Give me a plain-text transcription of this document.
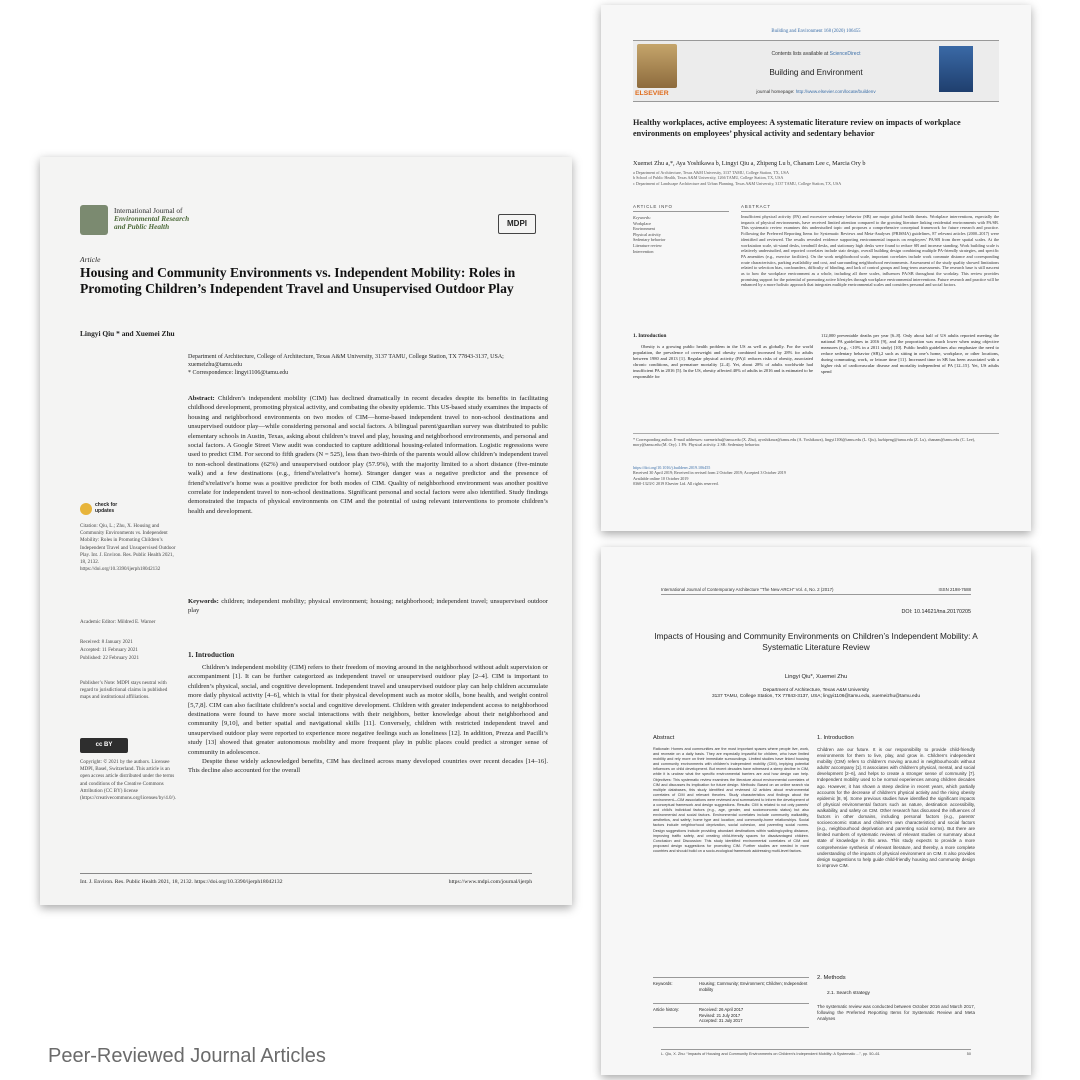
International Journal of
Environmental Research
and Public Health	MDPI
Article
Housing and Community Environments vs. Independent Mobility: Roles in Promoting Children’s Independent Travel and Unsupervised Outdoor Play
Lingyi Qiu * and Xuemei Zhu
Department of Architecture, College of Architecture, Texas A&M University, 3137 TAMU, College Station, TX 77843-3137, USA; xuemeizhu@tamu.edu
* Correspondence: lingyi1106@tamu.edu
Abstract: Children’s independent mobility (CIM) has declined dramatically in recent decades despite its benefits in facilitating childhood development, promoting physical activity, and combating the obesity epidemic. This US-based study examines the impacts of housing and neighborhood environments on two modes of CIM—home-based independent travel to non-school destinations and unsupervised outdoor play—while considering personal and social factors. A bilingual parent/guardian survey was distributed to public elementary schools in Austin, Texas, asking about children’s travel and play, housing and neighborhood environments, and personal and social factors. A Google Street View audit was conducted to capture additional housing-related information. Logistic regressions were used to predict CIM. For second to fifth graders (N = 525), less than two-thirds of the parents would allow children’s independent travel to non-school destinations (62%) and unsupervised outdoor play (57.9%), with the majority limited to a short distance (five-minute walk) and a few destinations (e.g., friend’s/relative’s home). Stranger danger was a negative predictor and the presence of friend’s/relative’s home was a positive predictor for both modes of CIM. Quality of neighborhood environment was another positive correlate for independent travel to non-school destinations. Significant personal and social factors were also identified. Study findings demonstrated the impacts of physical environments on CIM and the potential of using relevant interventions to promote children’s health and development.
Keywords: children; independent mobility; physical environment; housing; neighborhood; independent travel; unsupervised outdoor play
1. Introduction
Children’s independent mobility (CIM) refers to their freedom of moving around in the neighborhood without adult supervision or accompaniment [1]. It can be further categorized as independent travel or unsupervised outdoor play [2–4]. CIM is important to children’s physical, social, and cognitive development. Independent travel and unsupervised outdoor play can help children accumulate more daily physical activity [4–6], which is vital for their physical development such as motor skills, bone health, and weight control [5,7,8]. CIM can also facilitate children’s social and cognitive development. Children with greater independent access to neighborhood destinations were found to have more social interactions with their neighbors, better knowledge about their neighborhood and community [9,10], and better spatial and navigational skills [11]. Conversely, children with restricted independent travel and unsupervised outdoor play were reported to experience more negative feelings such as loneliness [12]. In addition, Prezza and Pacilli’s study [13] showed that greater autonomous mobility and more frequent play in public places could predict a stronger sense of community in adolescence.
Despite these widely acknowledged benefits, CIM has declined across many developed countries over recent decades [14–16]. This decline also accounted for the overall
check for updates
Citation: Qiu, L.; Zhu, X. Housing and Community Environments vs. Independent Mobility: Roles in Promoting Children’s Independent Travel and Unsupervised Outdoor Play. Int. J. Environ. Res. Public Health 2021, 18, 2132. https://doi.org/10.3390/ijerph18042132
Academic Editor: Mildred E. Warner
Received: 8 January 2021
Accepted: 11 February 2021
Published: 22 February 2021
Publisher’s Note: MDPI stays neutral with regard to jurisdictional claims in published maps and institutional affiliations.
cc BY
Copyright: © 2021 by the authors. Licensee MDPI, Basel, Switzerland. This article is an open access article distributed under the terms and conditions of the Creative Commons Attribution (CC BY) license (https://creativecommons.org/licenses/by/4.0/).
Int. J. Environ. Res. Public Health 2021, 18, 2132. https://doi.org/10.3390/ijerph18042132	https://www.mdpi.com/journal/ijerph
Building and Environment 168 (2020) 106455
ELSEVIER
Contents lists available at ScienceDirect
Building and Environment
journal homepage: http://www.elsevier.com/locate/buildenv
Healthy workplaces, active employees: A systematic literature review on impacts of workplace environments on employees’ physical activity and sedentary behavior
Xuemei Zhu a,*, Aya Yoshikawa b, Lingyi Qiu a, Zhipeng Lu b, Chanam Lee c, Marcia Ory b
a Department of Architecture, Texas A&M University, 3137 TAMU, College Station, TX, USA
b School of Public Health, Texas A&M University, 1266 TAMU, College Station, TX, USA
c Department of Landscape Architecture and Urban Planning, Texas A&M University, 3137 TAMU, College Station, TX, USA
ARTICLE INFO	ABSTRACT
Keywords:
Workplace
Environment
Physical activity
Sedentary behavior
Literature review
Intervention
Insufficient physical activity (PA) and excessive sedentary behavior (SB) are major global health threats. Workplace interventions, especially the impacts of physical environments, have received limited attention compared to the growing literature linking residential environments with PA/SB. This systematic review examines this understudied topic and proposes a comprehensive conceptual framework for future research and practice. Following the Preferred Reporting Items for Systematic Reviews and Meta-Analyses (PRISMA) guidelines, 87 relevant articles (2000–2017) were identified and reviewed. The results revealed evidence supporting environmental impacts on employees’ PA/SB from three spatial scales. At the workstation scale, sit-stand desks, treadmill desks, and stationary high desks were found to reduce SB and increase standing. Work building scale is relatively understudied, and reported correlates include stair design, overall building design combining multiple PA-friendly strategies, and specific PA amenities (e.g., exercise facilities). On the work neighborhood scale, important correlates include work commute distance and corresponding route characteristics, parking availability and cost, and surrounding neighborhood environments. Assessment of the study quality showed limitations related to selection bias, confounders, difficulty of blinding, and lack of control groups and long-term assessments. The research base is still nascent as to how the workplace environment as a whole, including all three scales, influences PA/SB throughout the workday. This review provides promising support for the potential of promoting active lifestyles through workplace environmental interventions. Future research and practice will be enhanced by a more holistic approach that integrates multiple environmental scales and considers personal and social factors.
1. Introduction
Obesity is a growing public health problem in the US as well as globally. For the world population, the prevalence of overweight and obesity combined increased by 28% for adults between 1980 and 2013 [1]. Regular physical activity (PA)1 reduces risks of obesity, associated chronic conditions, and premature mortality [2–4]. Yet, about 28% of adults worldwide had insufficient PA in 2016 [5]. In the US, obesity affected 40% of adults in 2016 and is estimated to be responsible for
112,000 preventable deaths per year [6–8]. Only about half of US adults reported meeting the national PA guidelines in 2016 [9], and the proportion was much lower when using objective measures (e.g., <10% in a 2011 study) [10]. Public health guidelines also emphasize the need to reduce sedentary behavior (SB),2 such as sitting in one’s home, workplace, or other locations, during commuting, work, or leisure time [11]. Increased time in SB has been associated with a higher risk of cardiovascular disease and mortality independent of PA [12–15]. Yet, US adults spend
* Corresponding author. E-mail addresses: xuemeizhu@tamu.edu (X. Zhu), ayoshikawa@tamu.edu (A. Yoshikawa), lingyi1106@tamu.edu (L. Qiu), luzhipeng@tamu.edu (Z. Lu), chanam@tamu.edu (C. Lee), mory@tamu.edu (M. Ory). 1 PA: Physical activity. 2 SB: Sedentary behavior.
https://doi.org/10.1016/j.buildenv.2019.106455
Received 30 April 2019; Received in revised form 2 October 2019; Accepted 3 October 2019
Available online 10 October 2019
0360-1323/© 2019 Elsevier Ltd. All rights reserved.
International Journal of Contemporary Architecture "The New ARCH" Vol. 4, No. 2 (2017)	ISSN 2198-7688
DOI: 10.14621/tna.20170205
Impacts of Housing and Community Environments on Children’s Independent Mobility: A Systematic Literature Review
Lingyi Qiu*, Xuemei Zhu
Department of Architecture, Texas A&M University
3137 TAMU, College Station, TX 77843-3137, USA; lingyi1106@tamu.edu, xuemeizhu@tamu.edu
Abstract
Rationale: Homes and communities are the most important spaces where people live, work, and recreate on a daily basis. They are especially impactful for children, who have limited mobility and rely more on their immediate surroundings. Limited studies have linked housing and community environments with children’s independent mobility (CIM), implying potential influences on child development. But recent decades have witnessed a steep decline in CIM, while it is unclear what the specific environmental barriers are and how design can help. Objectives: This systematic review examines the literature about environmental correlates of CIM and discusses its implication for future design. Methods: Based on an online search via multiple databases, this study identified and reviewed 42 articles about environmental correlates of CIM and relevant theories. Study characteristics and findings about the environment—CIM associations were reviewed and summarized to inform the development of a conceptual framework and design suggestions. Results: CIM is related to not only parents’ and child’s individual factors (e.g., age, gender, and socioeconomic status) but also environmental and social factors. Environmental correlates include community walkability, aesthetics, and safety; home type and location; and community-home relationships. Social factors include neighborhood deprivation, social cohesion, and parenting social norms. Design suggestions include providing abundant destinations within walking/cycling distance, improving traffic safety, and creating child-friendly spaces for disadvantaged children. Conclusion and Discussion: This study identified environmental correlates of CIM and proposed design suggestions for promoting CIM. Further studies are needed in more countries and should build on a socio-ecological framework addressing multi-level factors.
1. Introduction
Children are our future. It is our responsibility to provide child-friendly environments for them to live, play, and grow in. Children’s independent mobility (CIM) refers to children’s moving around in neighbourhoods without adults’ accompany [1]. It associates with children’s physical, mental, and social development [2–6], and helps to create a stronger sense of community [7]. Independent mobility used to be normal experiences among children decades ago. However, it has shown a steep decline in recent years, which partially accounts for the decrease of children’s physical activity and the rising obesity epidemic [8, 9]. Some previous studies have identified the significant impacts of physical environmental factors such as nature, destination accessibility, walkability, and safety on CIM. Other research has discussed the influences of factors in other domains, including personal factors (e.g., parents’ socioeconomic status and children’s own characteristics) and social factors (e.g., neighbourhood deprivation and parenting social norms). But there are limited numbers of systematic reviews of relevant studies or summary about state of knowledge in this area. This study expects to provide a more comprehensive synthesis of relevant literature, and thereby, a more complete understanding of the impacts of physical environment on CIM. It also provides design suggestions to help guide child-friendly housing and community design to improve CIM.
2. Methods
2.1. Search strategy
The systematic review was conducted between October 2016 and March 2017, following the Preferred Reporting Items for Systematic Review and Meta Analyses
Keywords:	Housing; Community; Environment; Children; Independent mobility
Article history:	Received: 26 April 2017
Revised: 21 July 2017
Accepted: 31 July 2017
L. Qiu, X. Zhu: “Impacts of Housing and Community Environments on Children’s Independent Mobility: A Systematic ...”, pp. 50–61	50
Peer-Reviewed Journal Articles
